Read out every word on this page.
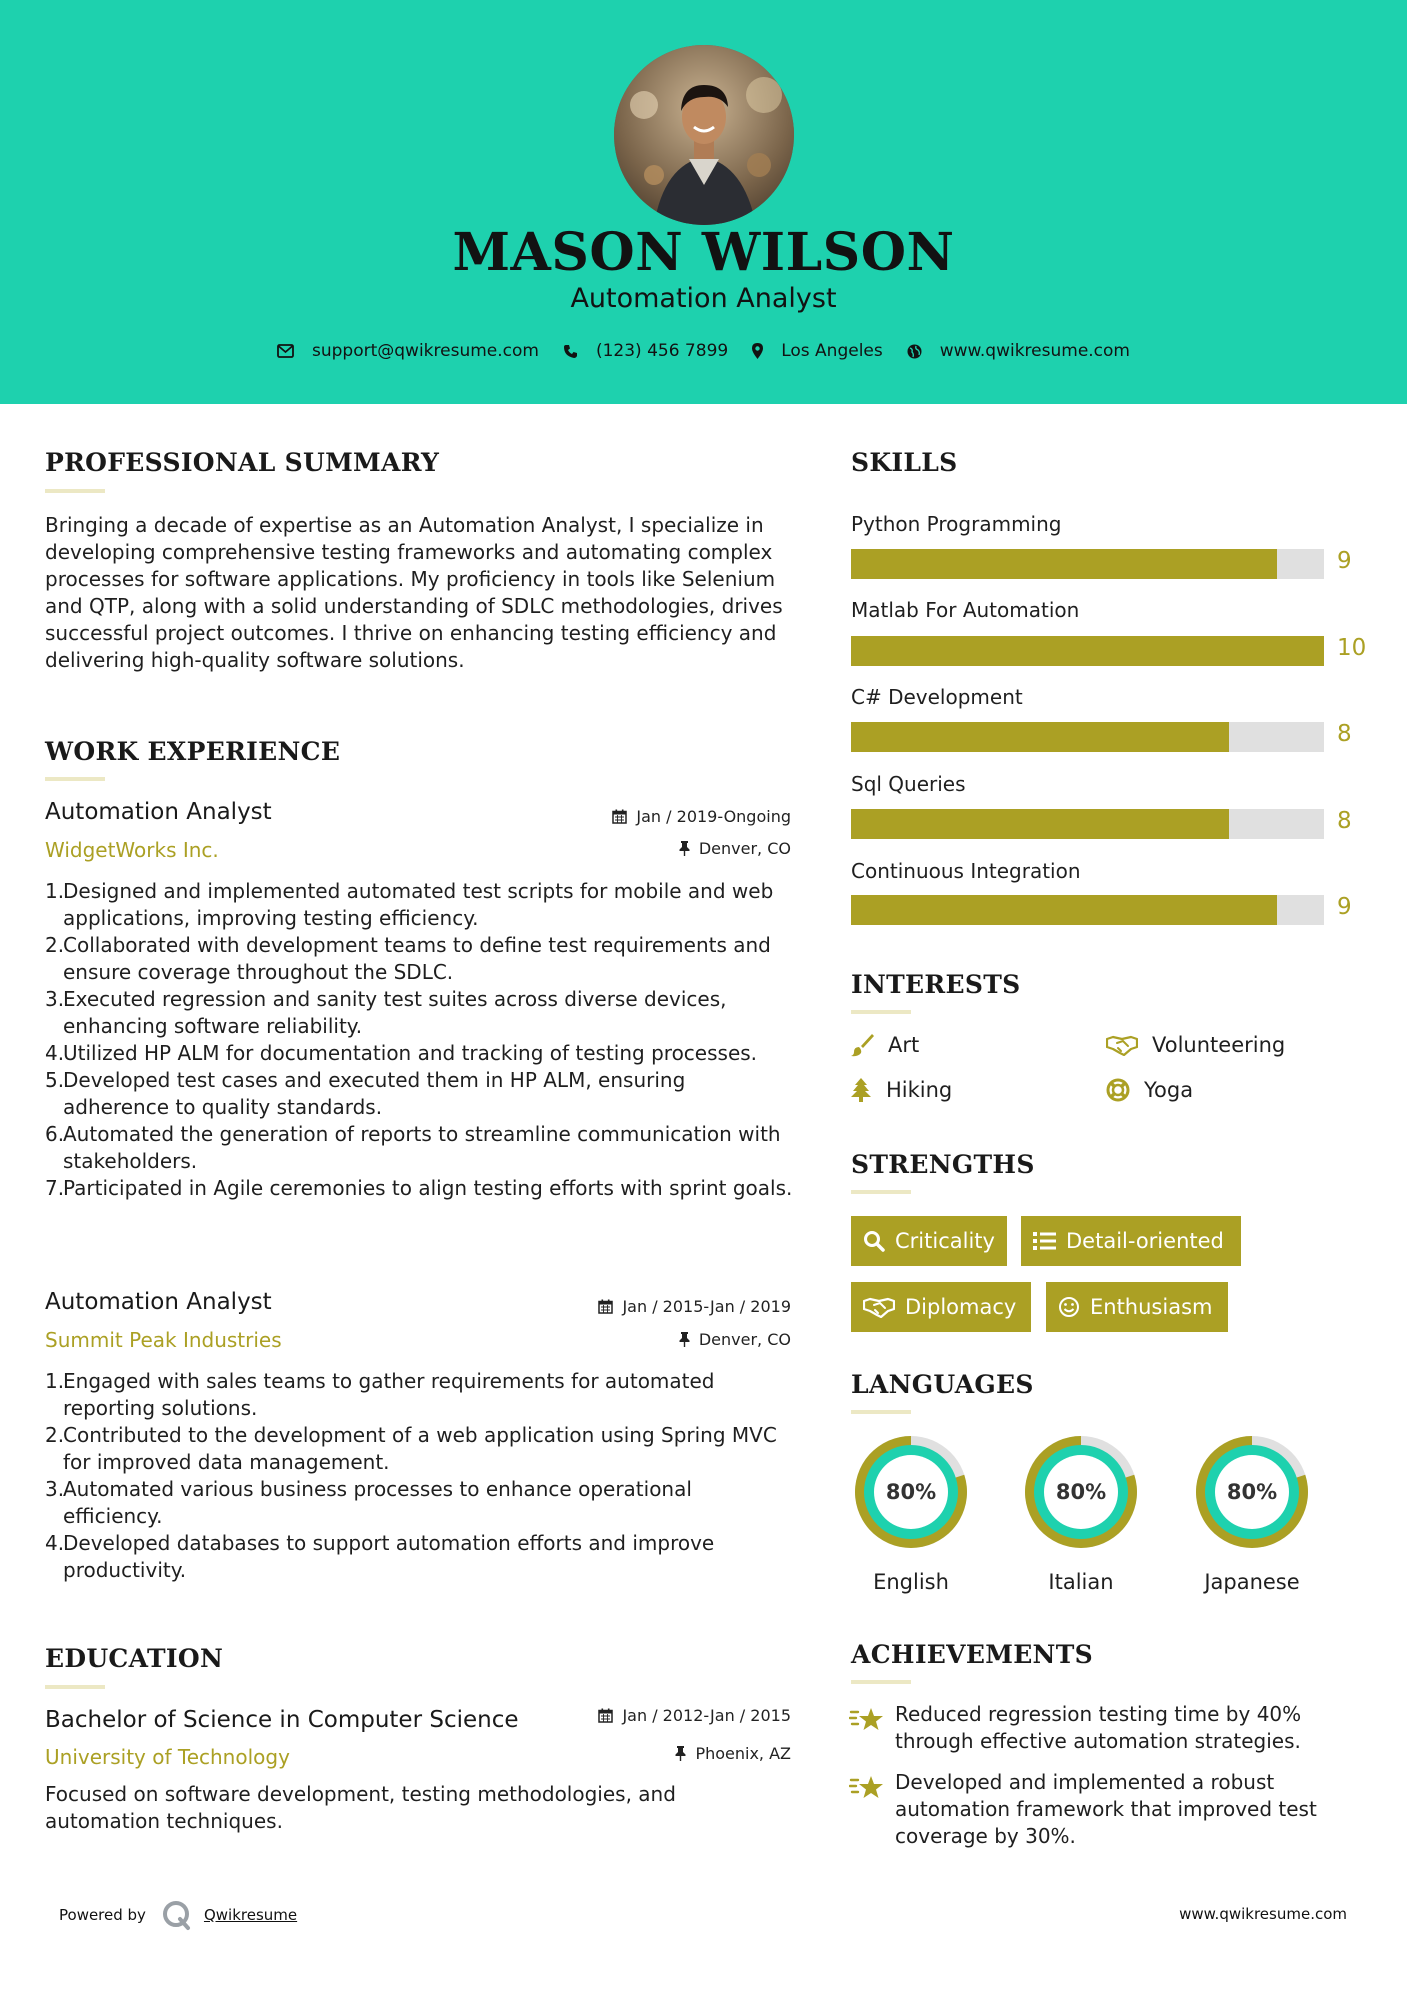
MASON WILSON
Automation Analyst
support@qwikresume.com	(123) 456 7899	Los Angeles	www.qwikresume.com
PROFESSIONAL SUMMARY
Bringing a decade of expertise as an Automation Analyst, I specialize in developing comprehensive testing frameworks and automating complex processes for software applications. My proficiency in tools like Selenium and QTP, along with a solid understanding of SDLC methodologies, drives successful project outcomes. I thrive on enhancing testing efficiency and delivering high-quality software solutions.
WORK EXPERIENCE
Automation Analyst	Jan / 2019-Ongoing
WidgetWorks Inc.	Denver, CO
1.
Designed and implemented automated test scripts for mobile and web applications, improving testing efficiency.
2.
Collaborated with development teams to define test requirements and ensure coverage throughout the SDLC.
3.
Executed regression and sanity test suites across diverse devices, enhancing software reliability.
4.
Utilized HP ALM for documentation and tracking of testing processes.
5.
Developed test cases and executed them in HP ALM, ensuring adherence to quality standards.
6.
Automated the generation of reports to streamline communication with stakeholders.
7.
Participated in Agile ceremonies to align testing efforts with sprint goals.
Automation Analyst	Jan / 2015-Jan / 2019
Summit Peak Industries	Denver, CO
1.
Engaged with sales teams to gather requirements for automated reporting solutions.
2.
Contributed to the development of a web application using Spring MVC for improved data management.
3.
Automated various business processes to enhance operational efficiency.
4.
Developed databases to support automation efforts and improve productivity.
EDUCATION
Bachelor of Science in Computer Science	Jan / 2012-Jan / 2015
University of Technology	Phoenix, AZ
Focused on software development, testing methodologies, and automation techniques.
SKILLS
Python Programming
9
Matlab For Automation
10
C# Development
8
Sql Queries
8
Continuous Integration
9
INTERESTS
Art	Volunteering
Hiking	Yoga
STRENGTHS
Criticality	Detail-oriented
Diplomacy	Enthusiasm
LANGUAGES
80%
English
80%
Italian
80%
Japanese
ACHIEVEMENTS
Reduced regression testing time by 40% through effective automation strategies.
Developed and implemented a robust automation framework that improved test coverage by 30%.
Powered by	Qwikresume	www.qwikresume.com
